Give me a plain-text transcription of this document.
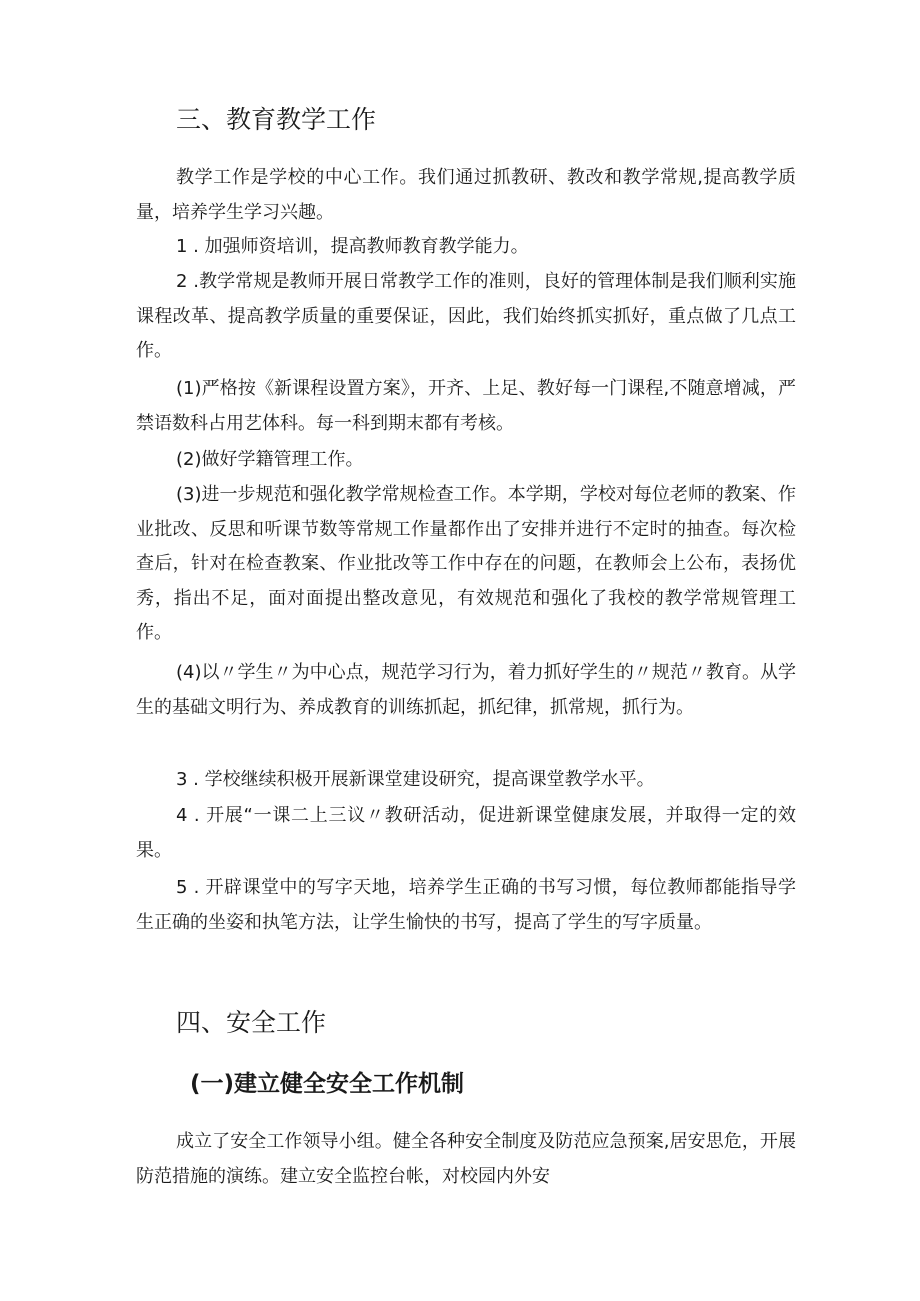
三、教育教学工作

教学工作是学校的中心工作。我们通过抓教研、教改和教学常规,提高教学质量，培养学生学习兴趣。

1 . 加强师资培训，提高教师教育教学能力。

2 .教学常规是教师开展日常教学工作的准则，良好的管理体制是我们顺利实施课程改革、提高教学质量的重要保证，因此，我们始终抓实抓好，重点做了几点工作。

(1)严格按《新课程设置方案》，开齐、上足、教好每一门课程,不随意增减，严禁语数科占用艺体科。每一科到期末都有考核。

(2)做好学籍管理工作。

(3)进一步规范和强化教学常规检查工作。本学期，学校对每位老师的教案、作业批改、反思和听课节数等常规工作量都作出了安排并进行不定时的抽查。每次检查后，针对在检查教案、作业批改等工作中存在的问题，在教师会上公布，表扬优秀，指出不足，面对面提出整改意见，有效规范和强化了我校的教学常规管理工作。

(4)以〃学生〃为中心点，规范学习行为，着力抓好学生的〃规范〃教育。从学生的基础文明行为、养成教育的训练抓起，抓纪律，抓常规，抓行为。

3 . 学校继续积极开展新课堂建设研究，提高课堂教学水平。

4 . 开展“一课二上三议〃教研活动，促进新课堂健康发展，并取得一定的效果。

5 . 开辟课堂中的写字天地，培养学生正确的书写习惯，每位教师都能指导学生正确的坐姿和执笔方法，让学生愉快的书写，提高了学生的写字质量。

四、安全工作
(一)建立健全安全工作机制

成立了安全工作领导小组。健全各种安全制度及防范应急预案,居安思危，开展防范措施的演练。建立安全监控台帐，对校园内外安
